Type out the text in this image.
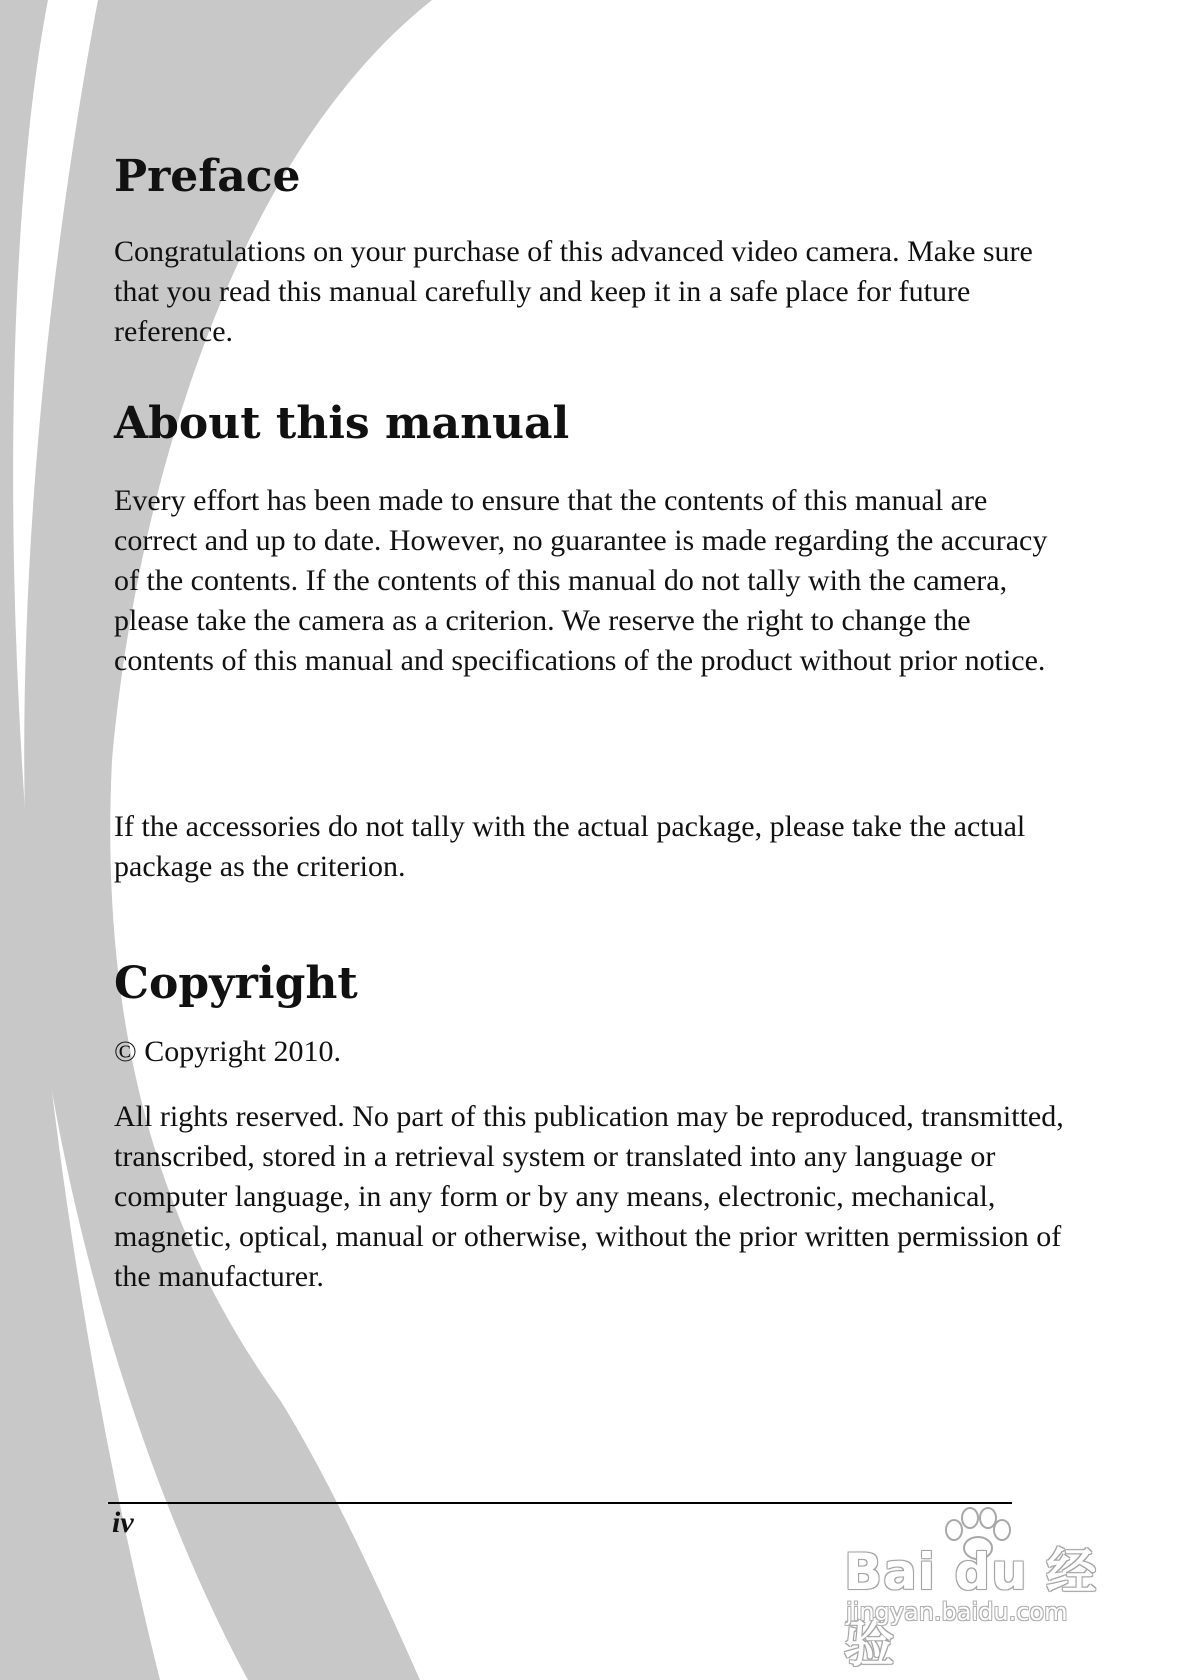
Preface

Congratulations on your purchase of this advanced video camera. Make sure that you read this manual carefully and keep it in a safe place for future reference.

About this manual

Every effort has been made to ensure that the contents of this manual are correct and up to date. However, no guarantee is made regarding the accuracy of the contents. If the contents of this manual do not tally with the camera, please take the camera as a criterion. We reserve the right to change the contents of this manual and specifications of the product without prior notice.

If the accessories do not tally with the actual package, please take the actual package as the criterion.

Copyright

© Copyright 2010.

All rights reserved. No part of this publication may be reproduced, transmitted, transcribed, stored in a retrieval system or translated into any language or computer language, in any form or by any means, electronic, mechanical, magnetic, optical, manual or otherwise, without the prior written permission of the manufacturer.

iv
Bai du 经验
jingyan.baidu.com
